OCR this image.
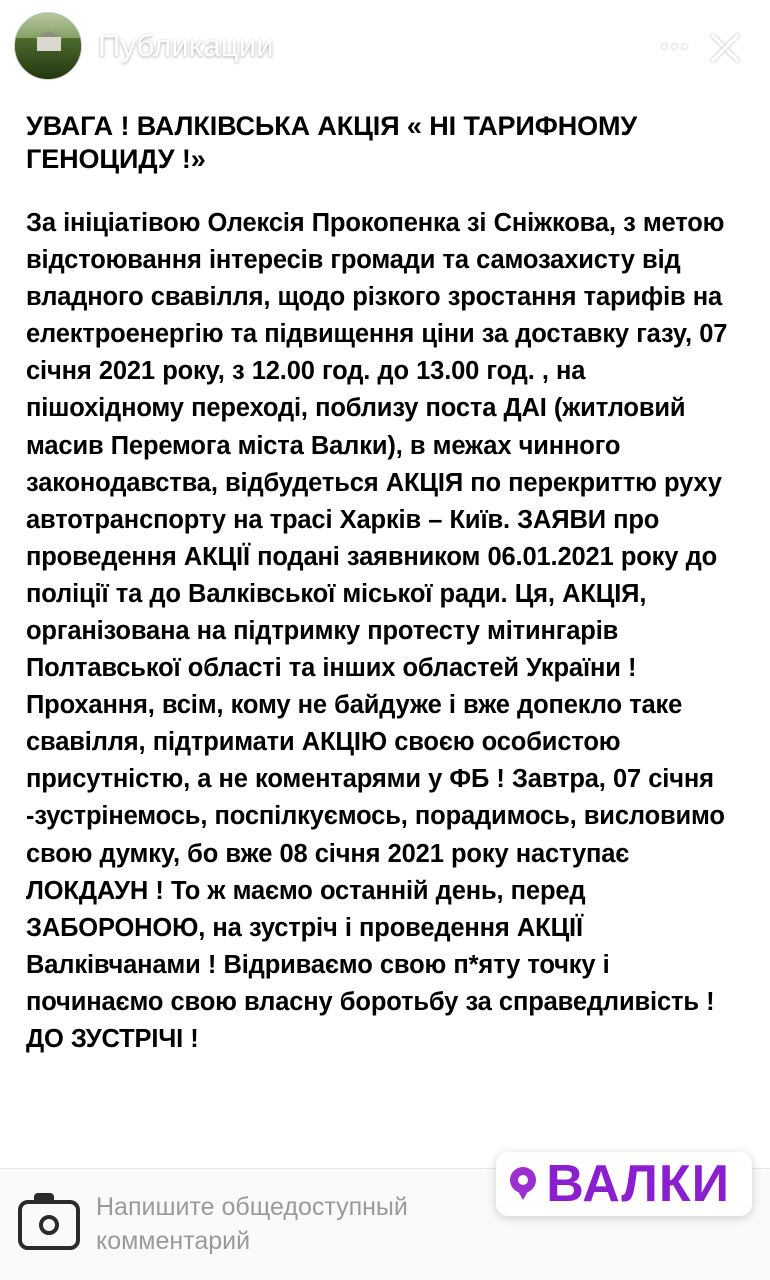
Публикации
УВАГА ! ВАЛКІВСЬКА АКЦІЯ « НІ ТАРИФНОМУ ГЕНОЦИДУ !»
За ініціатівою Олексія Прокопенка зі Сніжкова, з метою відстоювання інтересів громади та самозахисту від владного свавілля, щодо різкого зростання тарифів на електроенергію та підвищення ціни за доставку газу, 07 січня 2021 року, з 12.00 год. до 13.00 год. , на пішохідному переході, поблизу поста ДАІ (житловий масив Перемога міста Валки), в межах чинного законодавства, відбудеться АКЦІЯ по перекриттю руху автотранспорту на трасі Харків – Київ. ЗАЯВИ про проведення АКЦІЇ подані заявником 06.01.2021 року до поліції та до Валківської міської ради. Ця, АКЦІЯ, організована на підтримку протесту мітингарів Полтавської області та інших областей України ! Прохання, всім, кому не байдуже і вже допекло таке свавілля, підтримати АКЦІЮ своєю особистою присутністю, а не коментарями у ФБ ! Завтра, 07 січня -зустрінемось, поспілкуємось, порадимось, висловимо свою думку, бо вже 08 січня 2021 року наступає ЛОКДАУН ! То ж маємо останній день, перед ЗАБОРОНОЮ, на зустріч і проведення АКЦІЇ Валківчанами ! Відриваємо свою п*яту точку і починаємо свою власну боротьбу за справедливість ! ДО ЗУСТРІЧІ !
ВАЛКИ
Напишите общедоступный комментарий
